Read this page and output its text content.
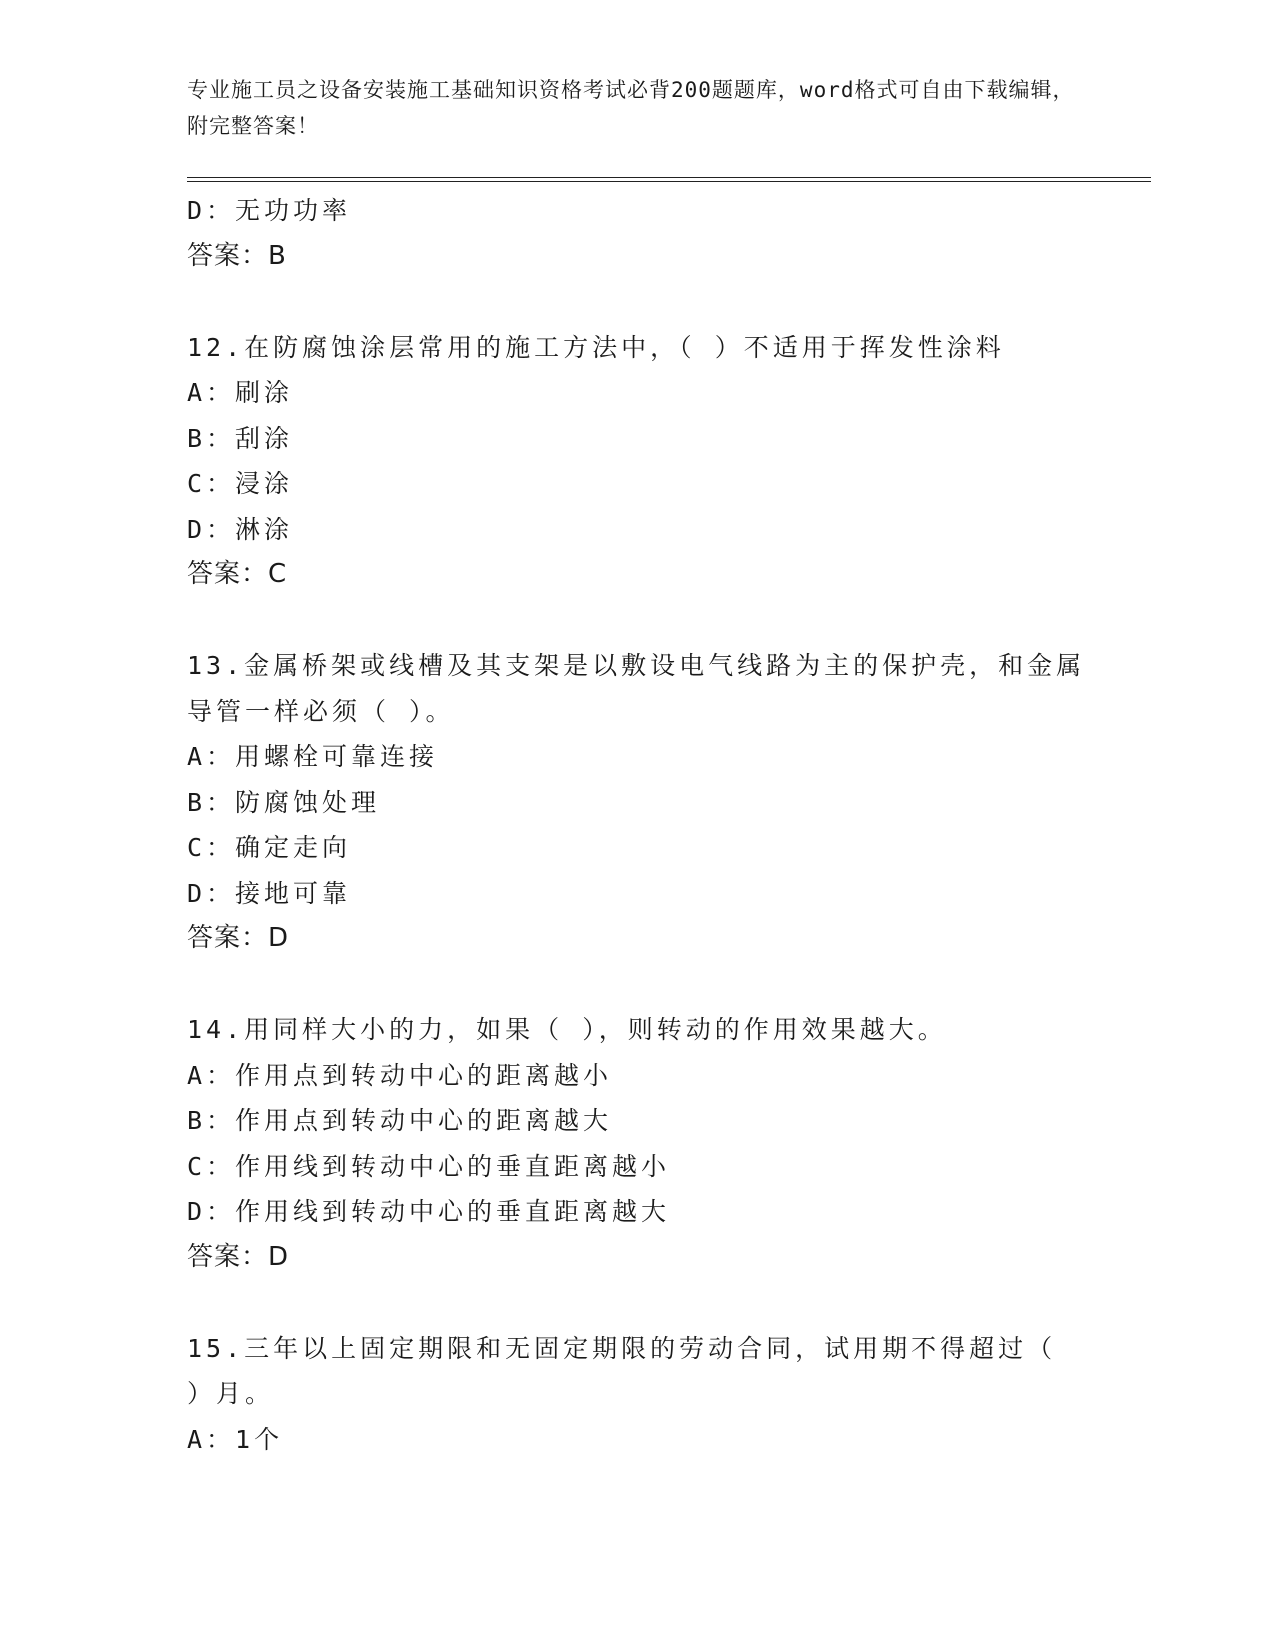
专业施工员之设备安装施工基础知识资格考试必背200题题库，word格式可自由下载编辑，附完整答案！
D：无功功率
答案：B
12.在防腐蚀涂层常用的施工方法中，（ ）不适用于挥发性涂料
A：刷涂
B：刮涂
C：浸涂
D：淋涂
答案：C
13.金属桥架或线槽及其支架是以敷设电气线路为主的保护壳，和金属导管一样必须（ ）。
A：用螺栓可靠连接
B：防腐蚀处理
C：确定走向
D：接地可靠
答案：D
14.用同样大小的力，如果（ ），则转动的作用效果越大。
A：作用点到转动中心的距离越小
B：作用点到转动中心的距离越大
C：作用线到转动中心的垂直距离越小
D：作用线到转动中心的垂直距离越大
答案：D
15.三年以上固定期限和无固定期限的劳动合同，试用期不得超过（ ）月。
A：1个
